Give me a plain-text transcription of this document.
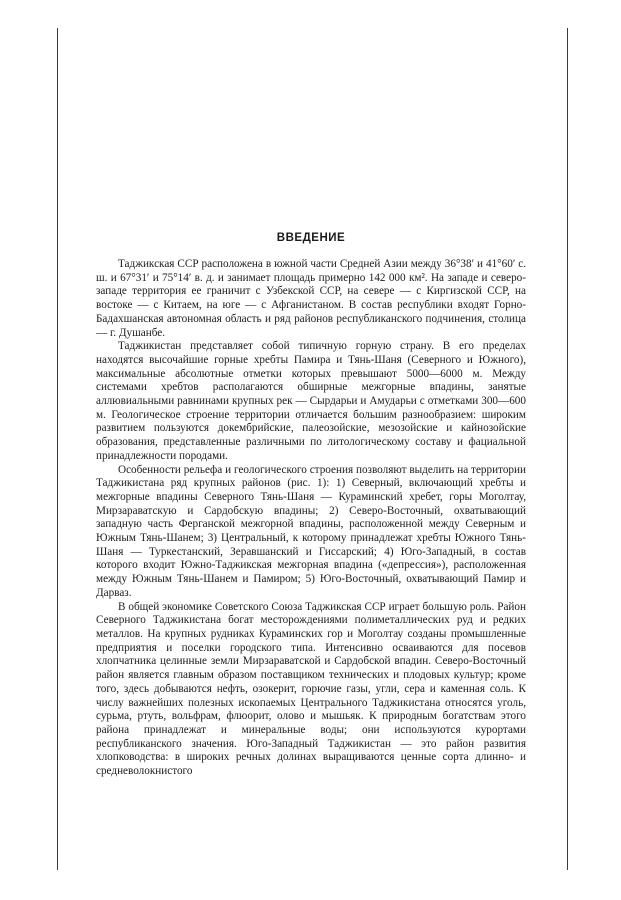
ВВЕДЕНИЕ

Таджикская ССР расположена в южной части Средней Азии между 36°38′ и 41°60′ с. ш. и 67°31′ и 75°14′ в. д. и занимает площадь примерно 142 000 км². На западе и северо-западе территория ее граничит с Узбекской ССР, на севере — с Киргизской ССР, на востоке — с Китаем, на юге — с Афганистаном. В состав республики входят Горно-Бадахшанская автономная область и ряд районов республиканского подчинения, столица — г. Душанбе.

Таджикистан представляет собой типичную горную страну. В его пределах находятся высочайшие горные хребты Памира и Тянь-Шаня (Северного и Южного), максимальные абсолютные отметки которых превышают 5000—6000 м. Между системами хребтов располагаются обширные межгорные впадины, занятые аллювиальными равнинами крупных рек — Сырдарьи и Амударьи с отметками 300—600 м. Геологическое строение территории отличается большим разнообразием: широким развитием пользуются докембрийские, палеозойские, мезозойские и кайнозойские образования, представленные различными по литологическому составу и фациальной принадлежности породами.

Особенности рельефа и геологического строения позволяют выделить на территории Таджикистана ряд крупных районов (рис. 1): 1) Северный, включающий хребты и межгорные впадины Северного Тянь-Шаня — Кураминский хребет, горы Моголтау, Мирзараватскую и Сардобскую впадины; 2) Северо-Восточный, охватывающий западную часть Ферганской межгорной впадины, расположенной между Северным и Южным Тянь-Шанем; 3) Центральный, к которому принадлежат хребты Южного Тянь-Шаня — Туркестанский, Зеравшанский и Гиссарский; 4) Юго-Западный, в состав которого входит Южно-Таджикская межгорная впадина («депрессия»), расположенная между Южным Тянь-Шанем и Памиром; 5) Юго-Восточный, охватывающий Памир и Дарваз.

В общей экономике Советского Союза Таджикская ССР играет большую роль. Район Северного Таджикистана богат месторождениями полиметаллических руд и редких металлов. На крупных рудниках Кураминских гор и Моголтау созданы промышленные предприятия и поселки городского типа. Интенсивно осваиваются для посевов хлопчатника целинные земли Мирзараватской и Сардобской впадин. Северо-Восточный район является главным образом поставщиком технических и плодовых культур; кроме того, здесь добываются нефть, озокерит, горючие газы, угли, сера и каменная соль. К числу важнейших полезных ископаемых Центрального Таджикистана относятся уголь, сурьма, ртуть, вольфрам, флюорит, олово и мышьяк. К природным богатствам этого района принадлежат и минеральные воды; они используются курортами республиканского значения. Юго-Западный Таджикистан — это район развития хлопководства: в широких речных долинах выращиваются ценные сорта длинно- и средневолокнистого
